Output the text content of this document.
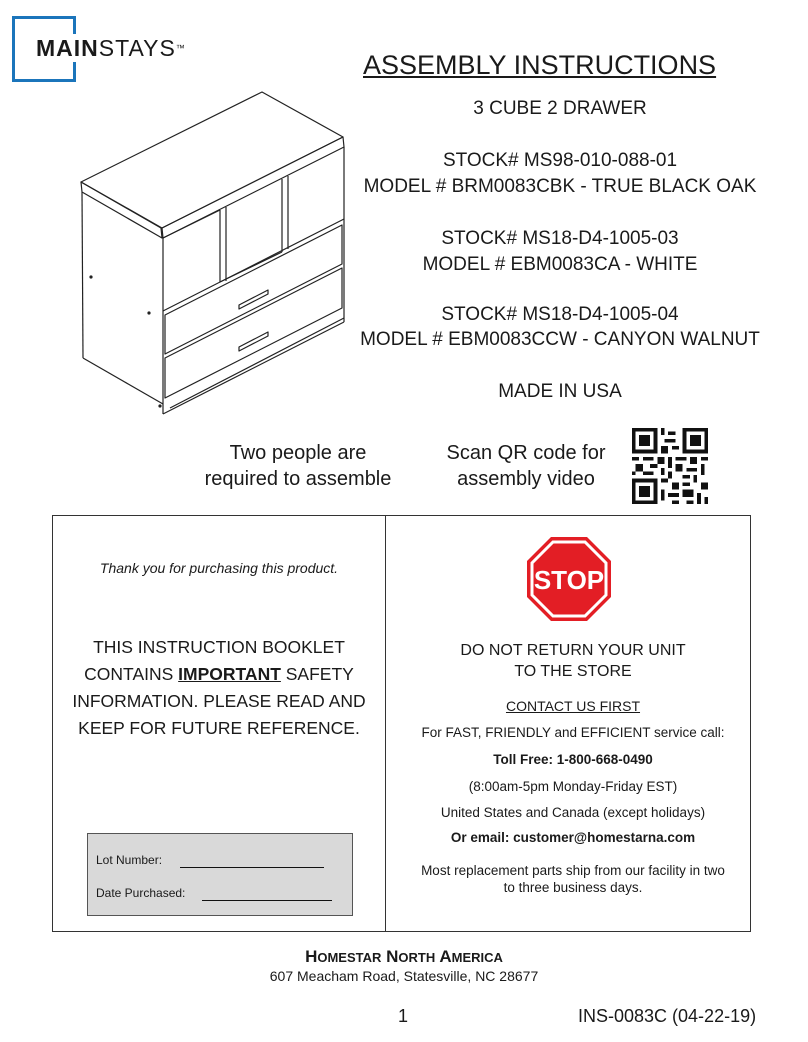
MAINSTAYS™
ASSEMBLY INSTRUCTIONS
3 CUBE 2 DRAWER
STOCK# MS98-010-088-01
MODEL # BRM0083CBK - TRUE BLACK OAK
STOCK# MS18-D4-1005-03
MODEL # EBM0083CA - WHITE
STOCK# MS18-D4-1005-04
MODEL # EBM0083CCW - CANYON WALNUT
MADE IN USA
Two people are
required to assemble
Scan QR code for
assembly video
Thank you for purchasing this product.
THIS INSTRUCTION BOOKLET CONTAINS IMPORTANT SAFETY INFORMATION. PLEASE READ AND KEEP FOR FUTURE REFERENCE.
Lot Number:
Date Purchased:
STOP
DO NOT RETURN YOUR UNIT
TO THE STORE
CONTACT US FIRST
For FAST, FRIENDLY and EFFICIENT service call:
Toll Free: 1-800-668-0490
(8:00am-5pm Monday-Friday EST)
United States and Canada (except holidays)
Or email: customer@homestarna.com
Most replacement parts ship from our facility in two
to three business days.
HOMESTAR NORTH AMERICA
607 Meacham Road, Statesville, NC 28677
1	INS-0083C (04-22-19)
